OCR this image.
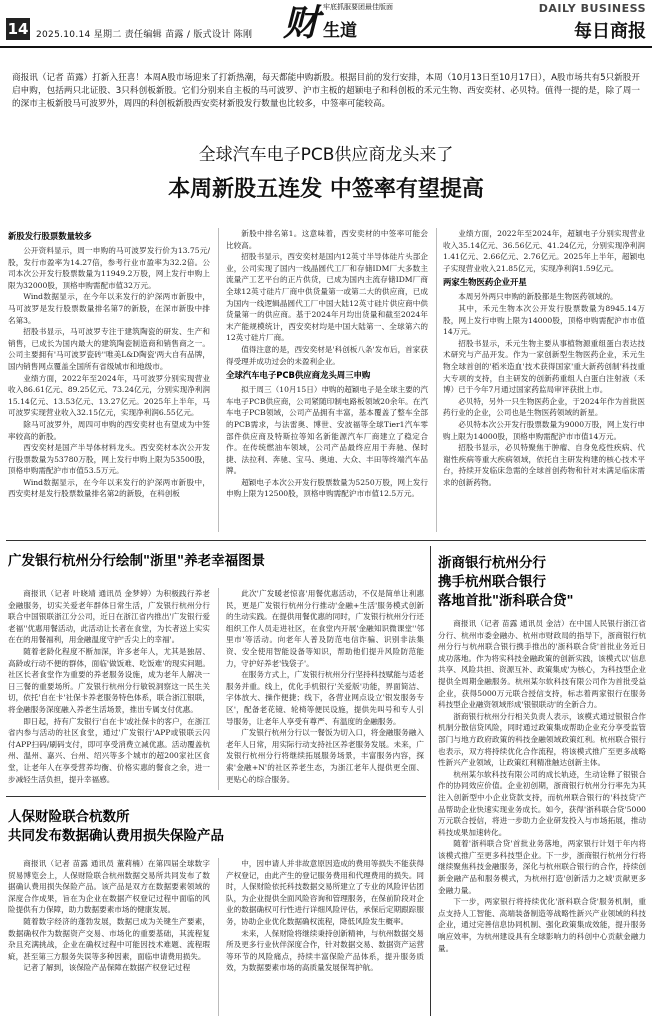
14 2025.10.14 星期二 责任编辑 苗露 / 版式设计 陈刚 财 牢底抓服要团最佳版面
生道
DAILY BUSINESS
每日商报

商报讯（记者 苗露）打新入狂喜！本周A股市场迎来了打新热潮，每天都能申购新股。根据目前的发行安排，本周（10月13日至10月17日），A股市场共有5只新股开启申购，包括两只北证股、3只科创板新股。它们分别来自主板的马可波罗、沪市主板的超颖电子和科创板的禾元生物、西安奕材、必贝特。值得一提的是，除了周一的深市主板新股马可波罗外，周四的科创板新股西安奕材新股发行数量也比较多，中签率可能较高。

全球汽车电子PCB供应商龙头来了
本周新股五连发 中签率有望提高
新股发行股票数量较多

公开资料显示，周一申购的马可波罗发行价为13.75元/股，发行市盈率为14.27倍，参考行业市盈率为32.2倍。公司本次公开发行股票数量为11949.2万股，网上发行申购上限为32000股，顶格申购需配市值32万元。

Wind数据显示，在今年以来发行的沪深两市新股中，马可波罗是发行股票数量排名第7的新股，在深市新股中排名第3。

招股书显示，马可波罗专注于建筑陶瓷的研发、生产和销售，已成长为国内最大的建筑陶瓷制造商和销售商之一。公司主要拥有'马可波罗瓷砖''唯美L&D陶瓷'两大自有品牌，国内销售网点覆盖全国所有省级城市和地级市。

业绩方面，2022年至2024年，马可波罗分别实现营业收入86.61亿元、89.25亿元、73.24亿元，分别实现净利润15.14亿元、13.53亿元、13.27亿元。2025年上半年，马可波罗实现营业收入32.15亿元，实现净利润6.55亿元。

除马可波罗外，周四可申购的西安奕材也有望成为中签率较高的新股。

西安奕材是国产半导体材料龙头。西安奕材本次公开发行股票数量为53780万股，网上发行申购上限为53500股，顶格申购需配沪市市值53.5万元。

Wind数据显示，在今年以来发行的沪深两市新股中，西安奕材是发行股票数量排名第2的新股，在科创板

新股中排名第1。这意味着，西安奕材的中签率可能会比较高。

招股书显示，西安奕材是国内12英寸半导体硅片头部企业，公司实现了国内一线晶圆代工厂和存储IDM厂大多数主流量产工艺平台的正片供货，已成为国内主流存储IDM厂商全球12英寸硅片厂商中供货量第一或第二大的供应商，已成为国内一线逻辑晶圆代工厂中国大陆12英寸硅片供应商中供货量第一的供应商。基于2024年月均出货量和截至2024年末产能规模统计，西安奕材均是中国大陆第一、全球第六的12英寸硅片厂商。

值得注意的是，西安奕材是'科创板八条'发布后，首家获得受理并成功过会的未盈利企业。

全球汽车电子PCB供应商龙头周三申购

拟于周三（10月15日）申购的超颖电子是全球主要的汽车电子PCB供应商，公司紧随印制电路板领域20余年。在汽车电子PCB领域，公司产品拥有丰富，基本覆盖了整车全部的PCB需求，与法雷奥、博世、安波福等全球Tier1汽车零部件供应商及特斯拉等知名新能源汽车厂商建立了稳定合作。在传统燃油车领域，公司产品最终应用于奔驰、保时捷、法拉利、奔驰、宝马、奥迪、大众、丰田等终端汽车品牌。

超颖电子本次公开发行股票数量为5250万股，网上发行申购上限为12500股，顶格申购需配沪市市值12.5万元。

业绩方面，2022年至2024年，超颖电子分别实现营业收入35.14亿元、36.56亿元、41.24亿元，分别实现净利润1.41亿元、2.66亿元、2.76亿元。2025年上半年，超颖电子实现营业收入21.85亿元，实现净利润1.59亿元。

两家生物医药企业开星

本周另外两只申购的新股都是生物医药领域的。

其中，禾元生物本次公开发行股票数量为8945.14万股，网上发行申购上限为14000股，顶格申购需配沪市市值14万元。

招股书显示，禾元生物主要从事植物源重组蛋白表达技术研究与产品开发。作为一家创新型生物医药企业，禾元生物全球首创的'稻米造血'技术获得国家'重大新药创制'科技重大专项的支持，自主研发的创新药重组人白蛋白注射液（禾博）已于今年7月通过国家药监局审评获批上市。

必贝特，另外一只生物医药企业，于2024年作为首批医药行业的企业，公司也是生物医药领域的新星。

必贝特本次公开发行股票数量为9000万股，网上发行申购上限为14000股，顶格申购需配沪市市值14万元。

招股书显示，必贝特聚焦于肿瘤、自身免疫性疾病、代谢性疾病等重大疾病领域，依托自主研发构建的核心技术平台，持续开发临床急需的全球首创药物和针对未满足临床需求的创新药物。

广发银行杭州分行绘制"浙里"养老幸福图景

商报讯（记者 叶晓靖 通讯员 金梦婷）为积极践行养老金融服务，切实关爱老年群体日常生活，广发银行杭州分行联合中国银联浙江分公司，近日在浙江省内推出'广发银行爱老福''优惠用餐活动，此活动让长者在食堂，为长者送上实实在在的用餐福利，用金融温度守护'舌尖上的幸福'。

随着老龄化程度不断加深，许多老年人，尤其是独居、高龄或行动不便的群体，面临'做饭难、吃饭难'的现实问题。社区长者食堂作为重要的养老服务设施，成为老年人解决一日三餐的重要场所。广发银行杭州分行敏锐洞察这一民生关切，依托'自在卡'社保卡养老服务特色体系，联合浙江银联，将金融服务深度融入养老生活场景，推出专属支付优惠。

即日起，持有广发银行'自在卡'或社保卡的客户，在浙江省内参与活动的社区食堂，通过'广发银行'APP或银联云闪付APP扫码/刷码支付，即可享受消费立减优惠。活动覆盖杭州、温州、嘉兴、台州、绍兴等多个城市的超200家社区食堂，让老年人在享受营养均衡、价格实惠的餐食之余，进一步减轻生活负担，提升幸福感。

此次'广发暖老惊喜'用餐优惠活动，不仅是简单让利惠民，更是广发银行杭州分行推动'金融+生活'服务模式创新的生动实践。在提供用餐优惠的同时，广发银行杭州分行还组织工作人员走进社区，在食堂内开展'金融知识微课堂''邻里市'等活动。向老年人普及防范电信诈骗、识别非法集资、安全使用智能设备等知识，帮助他们提升风险防范能力，守护好养老'钱袋子'。

在服务方式上，广发银行杭州分行坚持科技赋能与适老服务并重。线上，优化手机银行'关爱版'功能，界面简洁、字体放大、操作便捷；线下，各营业网点设立'银发服务专区'，配备老花镜、轮椅等便民设施，提供先叫号和专人引导服务，让老年人享受有尊严、有温度的金融服务。

广发银行杭州分行以一餐饭为切入口，将金融服务融入老年人日常，用实际行动支持社区养老服务发展。未来，广发银行杭州分行将继续拓展服务场景，丰富服务内容，探索'金融+N'的社区养老生态，为浙江老年人提供更全面、更贴心的综合服务。

人保财险联合杭数所
共同发布数据确认费用损失保险产品

商报讯（记者 苗露 通讯员 董莉楠）在第四届全球数字贸易博览会上，人保财险联合杭州数据交易所共同发布了数据确认费用损失保险产品。该产品是双方在数据要素领域的深度合作成果，旨在为企业在数据产权登记过程中面临的风险提供有力保障，助力数据要素市场的健康发展。

随着数字经济的蓬勃发展，数据已成为关键生产要素，数据确权作为数据资产交易、市场化的重要基础，其流程复杂且充满挑战，企业在确权过程中可能因技术难题、流程瑕疵，甚至第三方服务失误等多种因素，面临申请费用损失。

记者了解到，该保险产品保障在数据产权登记过程

中，因申请人并非故意原因造成的费用等损失不能获得产权登记，由此产生的登记服务费用和代理费用的损失。同时，人保财险依托科技数据交易所建立了专业的风险评估团队，为企业提供全面风险咨询和管理服务，在保前阶段对企业的数据确权可行性进行详细风险评估，承保后定期跟踪服务，协助企业优化数据确权流程，降低风险发生概率。

未来，人保财险将继续秉持创新精神，与杭州数据交易所及更多行业伙伴深度合作，针对数据交易、数据资产运营等环节的风险痛点，持续丰富保险产品体系，提升服务质效，为数据要素市场的高质量发展保驾护航。

浙商银行杭州分行
携手杭州联合银行
落地首批"浙科联合贷"

商报讯（记者 苗露 通讯员 金洁）在中国人民银行浙江省分行、杭州市委金融办、杭州市财政局的指导下，浙商银行杭州分行与杭州联合银行携手推出的'浙科联合贷'首批业务近日成功落地。作为将实科技金融政策的创新实践，该模式以'信息共享、风险共担、资源互补、政策集成'为核心，为科技型企业提供全周期金融服务。杭州某尔软科技有限公司作为首批受益企业，获得5000万元联合授信支持，标志着两家银行在服务科技型企业融资领域形成'银银联动'的全新合力。

浙商银行杭州分行相关负责人表示，该模式通过银银合作机制分散信贷风险，同时通过政策集成帮助企业充分享受监管部门与地方政府政策的科技金融领域政策红利。杭州联合银行也表示，双方将持续优化合作流程，将该模式推广至更多战略性新兴产业领域，让政策红利精准触达创新主体。

杭州某尔软科技有限公司的成长轨迹，生动诠释了银银合作的协同效应价值。企业初创期，浙商银行杭州分行率先为其注入创新型中小企业贷款支持，而杭州联合银行的'科技贷'产品帮助企业快速实现业务成长。如今，获得'浙科联合贷'5000万元联合授信，将进一步助力企业研发投入与市场拓展，推动科技成果加速转化。

随着'浙科联合贷'首批业务落地，两家银行计划于年内将该模式推广至更多科技型企业。下一步，浙商银行杭州分行将继续聚焦科技金融服务，深化与杭州联合银行的合作，持续创新金融产品和服务模式，为杭州打造'创新活力之城'贡献更多金融力量。

下一步，两家银行将持续优化'浙科联合贷'服务机制，重点支持人工智能、高端装备制造等战略性新兴产业领域的科技企业，通过完善信息协同机制、强化政策集成效能，提升服务响应效率，为杭州建设具有全球影响力的科创中心贡献金融力量。
